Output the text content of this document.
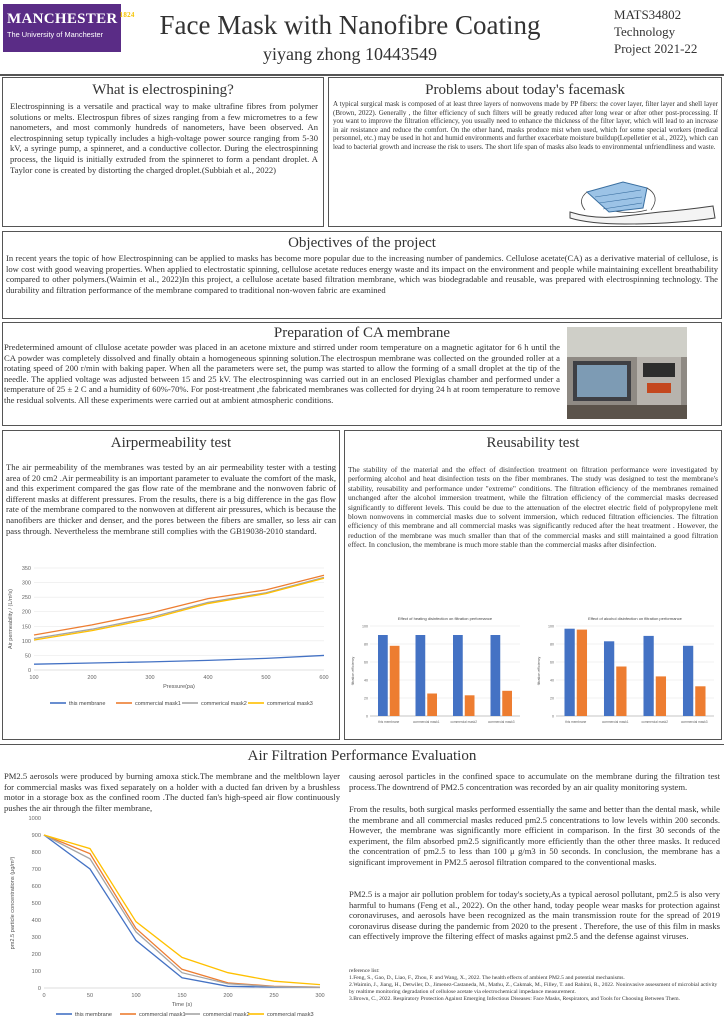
MANCHESTER $^{1824}$
The University of Manchester	Face Mask with Nanofibre Coating
yiyang zhong 10443549
MATS34802
Technology
Project 2021-22
What is electrospining?
Electrospinning is a versatile and practical way to make ultrafine fibres from polymer solutions or melts. Electrospun fibres of sizes ranging from a few micrometres to a few nanometers, and most commonly hundreds of nanometers, have been observed. An electrospinning setup typically includes a high-voltage power source ranging from 5-30 kV, a syringe pump, a spinneret, and a conductive collector. During the electrospinning process, the liquid is initially extruded from the spinneret to form a pendant droplet. A Taylor cone is created by distorting the charged droplet.(Subbiah et al., 2022)
Problems about today's facemask
A typical surgical mask is composed of at least three layers of nonwovens made by PP fibers: the cover layer, filter layer and shell layer (Brown, 2022). Generally , the filter efficiency of such filters will be greatly reduced after long wear or after other post-processing. If you want to improve the filtration efficiency, you usually need to enhance the thickness of the filter layer, which will lead to an increase in air resistance and reduce the comfort. On the other hand, masks produce mist when used, which for some special workers (medical personnel, etc.) may be used in hot and humid environments and further exacerbate moisture buildup(Lepelletier et al., 2022), which can lead to bacterial growth and increase the risk to users. The short life span of masks also leads to environmental unfriendliness and waste.
Objectives of the project
In recent years the topic of how Electrospinning can be applied to masks has become more popular due to the increasing number of pandemics. Cellulose acetate(CA) as a derivative material of cellulose, is low cost with good weaving properties. When applied to electrostatic spinning, cellulose acetate reduces energy waste and its impact on the environment and people while maintaining excellent breathability compared to other polymers.(Waimin et al., 2022)In this project, a cellulose acetate based filtration membrane, which was biodegradable and reusable, was prepared with electrospinning technology. The durability and filtration performance of the membrane compared to traditional non-woven fabric are examined
Preparation of CA membrane
Predetermined amount of cllulose acetate powder was placed in an acetone mixture and stirred under room temperature on a magnetic agitator for 6 h until the CA powder was completely dissolved and finally obtain a homogeneous spinning solution.The electrospun membrane was collected on the grounded roller at a rotating speed of 200 r/min with baking paper. When all the parameters were set, the pump was started to allow the forming of a small droplet at the tip of the needle. The applied voltage was adjusted between 15 and 25 kV. The electrospinning was carried out in an enclosed Plexiglas chamber and performed under a temperature of 25 ± 2 C and a humidity of 60%-70%. For post-treatment ,the fabricated membranes was collected for drying 24 h at room temperature to remove the residual solvents. All these experiments were carried out at ambient atmospheric conditions.
Airpermeability test
The air permeability of the membranes was tested by an air permeability tester with a testing area of 20 cm2 .Air permeability is an important parameter to evaluate the comfort of the mask, and this experiment compared the gas flow rate of the membrane and the nonwoven fabric of different masks at different pressures. From the results, there is a big difference in the gas flow rate of the membrane compared to the nonwoven at different air pressures, which is because the nanofibers are thicker and denser, and the pores between the fibers are smaller, so less air can pass through. Nevertheless the membrane still complies with the GB19038-2010 standard.
0
50
100
150
200
250
300
350
100	200	300	400	500	600
Pressure(pa)
Air permeability / (L/m²s)
this membrane	commercial mask1	commerical mask2	commerical mask3
Reusability test
The stability of the material and the effect of disinfection treatment on filtration performance were investigated by performing alcohol and heat disinfection tests on the fiber membranes. The study was designed to test the membrane's stability, reusability and performance under "extreme" conditions. The filtration efficiency of the membranes remained unchanged after the alcohol immersion treatment, while the filtration efficiency of the commercial masks decreased significantly to different levels. This could be due to the attenuation of the electret electric field of polypropylene melt blown nonwovens in commercial masks due to solvent immersion, which reduced filtration efficiencies. The filtration efficiency of this membrane and all commercial masks was significantly reduced after the heat treatment . However, the reduction of the membrane was much smaller than that of the commercial masks and still maintained a good filtration effect. In conclusion, the membrane is much more stable than the commercial masks after disinfection.
Effect of heating disinfection on filtration performance
0
20
40
60
80
100
filtration efficiency
this membrane	commercial mask1	commercial mask2	commercial mask3
Effect of alcohol disinfection on filtration performance
0
20
40
60
80
100
filtration efficiency
this membrane	commercial mask1	commercial mask2	commercial mask3
Air Filtration Performance Evaluation
PM2.5 aerosols were produced by burning amoxa stick.The membrane and the meltblown layer for commercial masks was fixed separately on a holder with a ducted fan driven by a brushless motor in a storage box as the confined room .The ducted fan's high-speed air flow continuously pushes the air through the filter membrane,
causing aerosol particles in the confined space to accumulate on the membrane during the filtration test process.The downtrend of PM2.5 concentration was recorded by an air quality monitoring system.
From the results, both surgical masks performed essentially the same and better than the dental mask, while the membrane and all commercial masks reduced pm2.5 concentrations to low levels within 200 seconds. However, the membrane was significantly more efficient in comparison. In the first 30 seconds of the experiment, the film absorbed pm2.5 significantly more efficiently than the other three masks. It reduced the concentration of pm2.5 to less than 100 μ g/m3 in 50 seconds. In conclusion, the membrane has a significant improvement in PM2.5 aerosol filtration compared to the conventional masks.
PM2.5 is a major air pollution problem for today's society,As a typical aerosol pollutant, pm2.5 is also very harmful to humans (Feng et al., 2022). On the other hand, today people wear masks for protection against coronaviruses, and aerosols have been recognized as the main transmission route for the spread of 2019 coronavirus disease during the pandemic from 2020 to the present . Therefore, the use of this film in masks can effectively improve the filtering effect of masks against pm2.5 and the defense against viruses.
0
100
200
300
400
500
600
700
800
900
1000
0	50	100	150	200	250	300
Time (s)
pm2.5 particle concentrations (μg/m³)
this membrane	commercial mask1	commercial mask2	commercial mask3
reference list:
1.Feng, S., Gao, D., Liao, F., Zhou, F. and Wang, X., 2022. The health effects of ambient PM2.5 and potential mechanisms.
2.Waimin, J., Jiang, H., Detwiler, D., Jimenez-Castaneda, M., Mathu, Z., Cakmak, M., Filley, T. and Rahimi, R., 2022. Noninvasive assessment of microbial activity by realtime monitoring degradation of cellulose acetate via electrochemical impedance measurement.
3.Brown, C., 2022. Respiratory Protection Against Emerging Infectious Diseases: Face Masks, Respirators, and Tools for Choosing Between Them.
